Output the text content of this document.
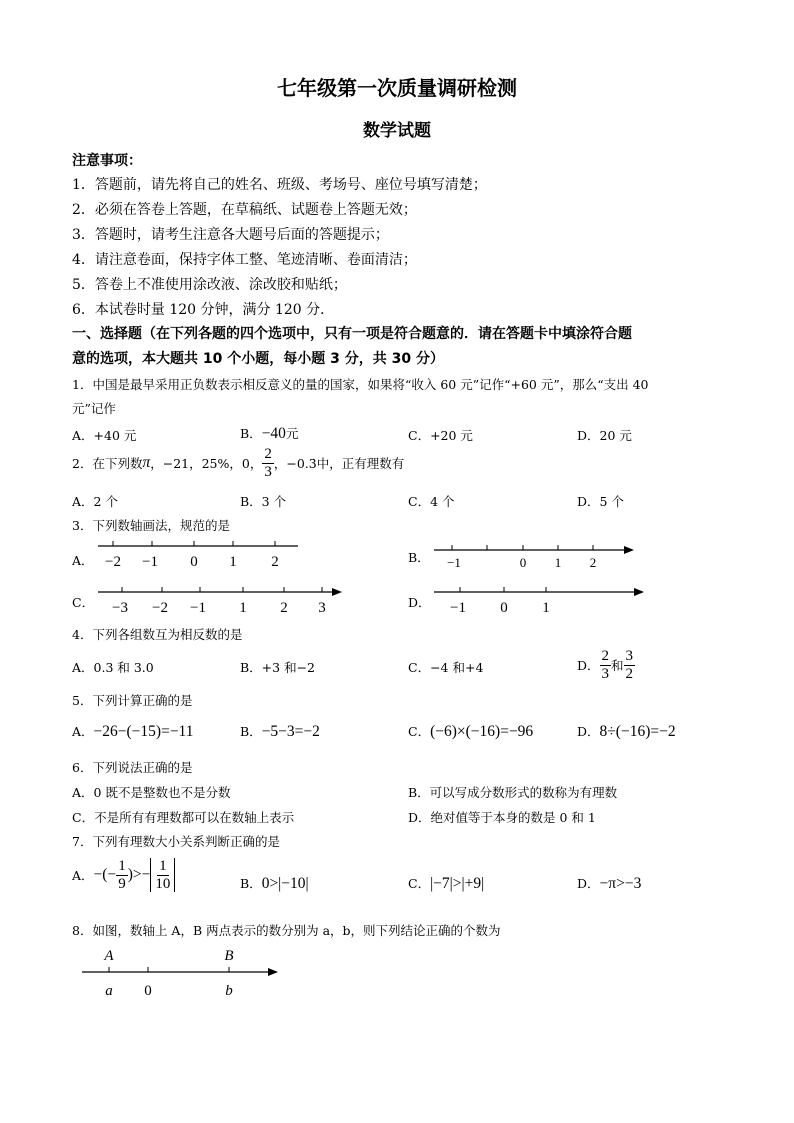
七年级第一次质量调研检测
数学试题
注意事项：
1．答题前，请先将自己的姓名、班级、考场号、座位号填写清楚；
2．必须在答卷上答题，在草稿纸、试题卷上答题无效；
3．答题时，请考生注意各大题号后面的答题提示；
4．请注意卷面，保持字体工整、笔迹清晰、卷面清洁；
5．答卷上不准使用涂改液、涂改胶和贴纸；
6．本试卷时量 120 分钟，满分 120 分．
一、选择题（在下列各题的四个选项中，只有一项是符合题意的．请在答题卡中填涂符合题
意的选项，本大题共 10 个小题，每小题 3 分，共 30 分）
1．中国是最早采用正负数表示相反意义的量的国家，如果将“收入 60 元”记作“+60 元”，那么“支出 40
元”记作
A．+40 元	B．−40元	C．+20 元	D．20 元
2．在下列数 π ，−21，25%，0， $\frac{2}{3}$ ，−0.3̇ 中，正有理数有
A．2 个	B．3 个	C．4 个	D．5 个
3．下列数轴画法，规范的是
A．	B．
C．	D．
−2 −1 0 1 2	−1	0 1 2
−3 −2 −1 1 2 3	−1 0 1
4．下列各组数互为相反数的是
A．0.3 和 3.0	B．+3 和−2	C．−4 和+4	D． $\frac{2}{3}$ 和 $\frac{3}{2}$
5．下列计算正确的是
A．−26−(−15)=−11	B．−5−3=−2	C．(−6)×(−16)=−96	D．8÷(−16)=−2
6．下列说法正确的是
A．0 既不是整数也不是分数	B．可以写成分数形式的数称为有理数
C．不是所有有理数都可以在数轴上表示	D．绝对值等于本身的数是 0 和 1
7．下列有理数大小关系判断正确的是
A． −(− $\frac{1}{9}$ )>− $\frac{1}{10}$	B．0>|−10|	C．|−7|>|+9|	D．−π>−3
8．如图，数轴上 A，B 两点表示的数分别为 a，b，则下列结论正确的个数为
A	B
a 0	b
